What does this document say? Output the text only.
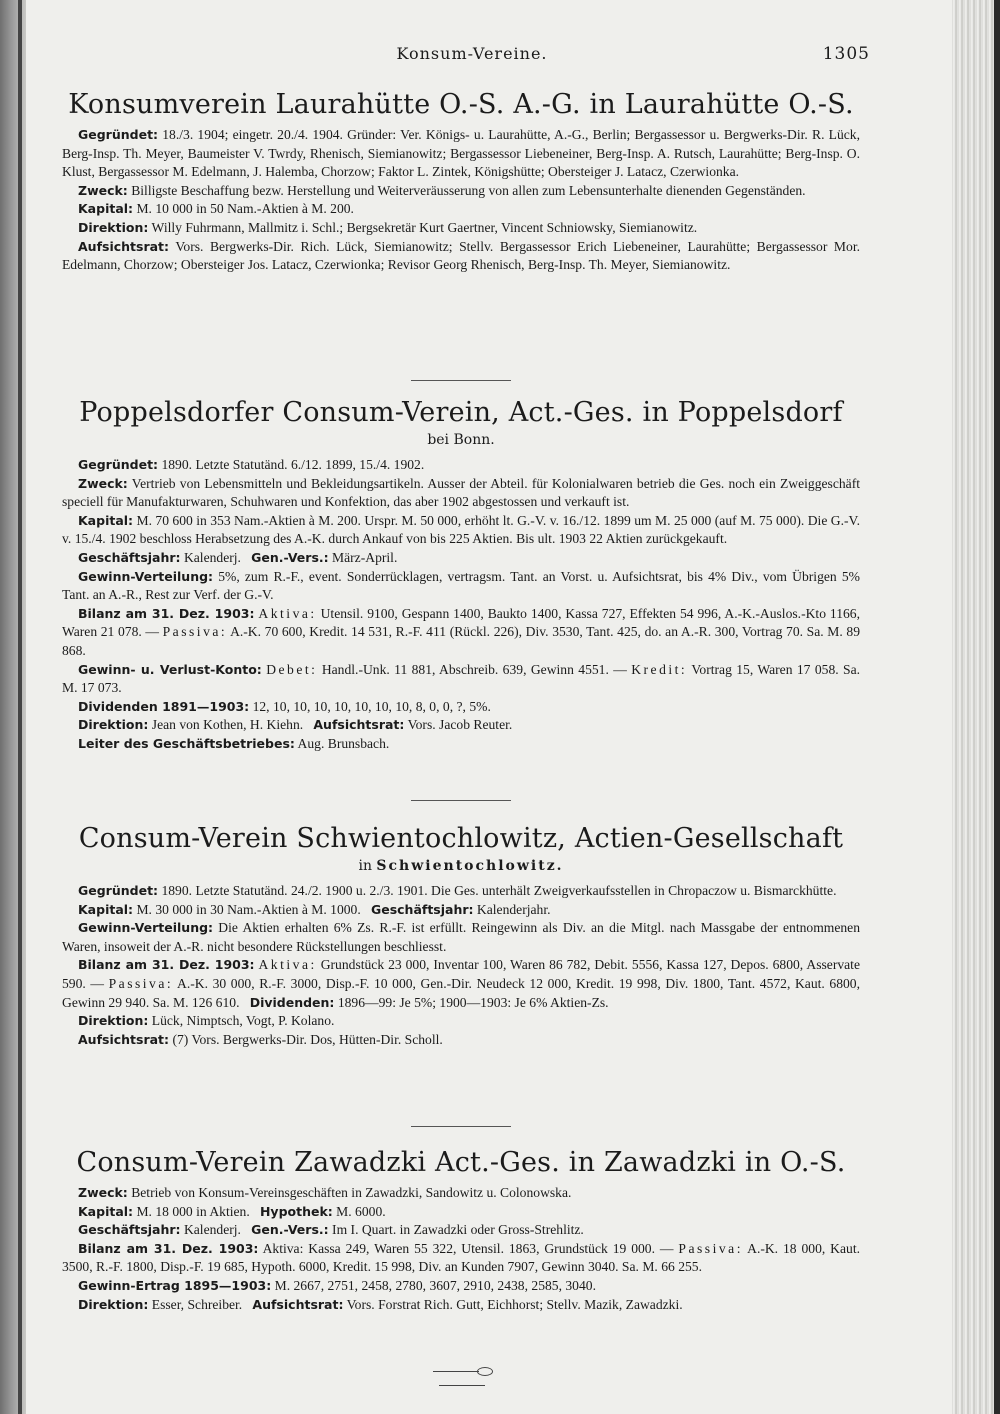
Konsum-Vereine.	1305
Konsumverein Laurahütte O.-S. A.-G. in Laurahütte O.-S.

Gegründet: 18./3. 1904; eingetr. 20./4. 1904. Gründer: Ver. Königs- u. Laurahütte, A.-G., Berlin; Bergassessor u. Bergwerks-Dir. R. Lück, Berg-Insp. Th. Meyer, Baumeister V. Twrdy, Rhenisch, Siemianowitz; Bergassessor Liebeneiner, Berg-Insp. A. Rutsch, Laurahütte; Berg-Insp. O. Klust, Bergassessor M. Edelmann, J. Halemba, Chorzow; Faktor L. Zintek, Königshütte; Obersteiger J. Latacz, Czerwionka.

Zweck: Billigste Beschaffung bezw. Herstellung und Weiterveräusserung von allen zum Lebensunterhalte dienenden Gegenständen.

Kapital: M. 10 000 in 50 Nam.-Aktien à M. 200.

Direktion: Willy Fuhrmann, Mallmitz i. Schl.; Bergsekretär Kurt Gaertner, Vincent Schniowsky, Siemianowitz.

Aufsichtsrat: Vors. Bergwerks-Dir. Rich. Lück, Siemianowitz; Stellv. Bergassessor Erich Liebeneiner, Laurahütte; Bergassessor Mor. Edelmann, Chorzow; Obersteiger Jos. Latacz, Czerwionka; Revisor Georg Rhenisch, Berg-Insp. Th. Meyer, Siemianowitz.

Poppelsdorfer Consum-Verein, Act.-Ges. in Poppelsdorf
bei Bonn.

Gegründet: 1890. Letzte Statutänd. 6./12. 1899, 15./4. 1902.

Zweck: Vertrieb von Lebensmitteln und Bekleidungsartikeln. Ausser der Abteil. für Kolonialwaren betrieb die Ges. noch ein Zweiggeschäft speciell für Manufakturwaren, Schuhwaren und Konfektion, das aber 1902 abgestossen und verkauft ist.

Kapital: M. 70 600 in 353 Nam.-Aktien à M. 200. Urspr. M. 50 000, erhöht lt. G.-V. v. 16./12. 1899 um M. 25 000 (auf M. 75 000). Die G.-V. v. 15./4. 1902 beschloss Herabsetzung des A.-K. durch Ankauf von bis 225 Aktien. Bis ult. 1903 22 Aktien zurückgekauft.

Geschäftsjahr: Kalenderj. Gen.-Vers.: März-April.

Gewinn-Verteilung: 5%, zum R.-F., event. Sonderrücklagen, vertragsm. Tant. an Vorst. u. Aufsichtsrat, bis 4% Div., vom Übrigen 5% Tant. an A.-R., Rest zur Verf. der G.-V.

Bilanz am 31. Dez. 1903: Aktiva: Utensil. 9100, Gespann 1400, Baukto 1400, Kassa 727, Effekten 54 996, A.-K.-Auslos.-Kto 1166, Waren 21 078. — Passiva: A.-K. 70 600, Kredit. 14 531, R.-F. 411 (Rückl. 226), Div. 3530, Tant. 425, do. an A.-R. 300, Vortrag 70. Sa. M. 89 868.

Gewinn- u. Verlust-Konto: Debet: Handl.-Unk. 11 881, Abschreib. 639, Gewinn 4551. — Kredit: Vortrag 15, Waren 17 058. Sa. M. 17 073.

Dividenden 1891—1903: 12, 10, 10, 10, 10, 10, 10, 10, 8, 0, 0, ?, 5%.

Direktion: Jean von Kothen, H. Kiehn. Aufsichtsrat: Vors. Jacob Reuter.

Leiter des Geschäftsbetriebes: Aug. Brunsbach.

Consum-Verein Schwientochlowitz, Actien-Gesellschaft
in Schwientochlowitz.

Gegründet: 1890. Letzte Statutänd. 24./2. 1900 u. 2./3. 1901. Die Ges. unterhält Zweigverkaufsstellen in Chropaczow u. Bismarckhütte.

Kapital: M. 30 000 in 30 Nam.-Aktien à M. 1000. Geschäftsjahr: Kalenderjahr.

Gewinn-Verteilung: Die Aktien erhalten 6% Zs. R.-F. ist erfüllt. Reingewinn als Div. an die Mitgl. nach Massgabe der entnommenen Waren, insoweit der A.-R. nicht besondere Rückstellungen beschliesst.

Bilanz am 31. Dez. 1903: Aktiva: Grundstück 23 000, Inventar 100, Waren 86 782, Debit. 5556, Kassa 127, Depos. 6800, Asservate 590. — Passiva: A.-K. 30 000, R.-F. 3000, Disp.-F. 10 000, Gen.-Dir. Neudeck 12 000, Kredit. 19 998, Div. 1800, Tant. 4572, Kaut. 6800, Gewinn 29 940. Sa. M. 126 610. Dividenden: 1896—99: Je 5%; 1900—1903: Je 6% Aktien-Zs.

Direktion: Lück, Nimptsch, Vogt, P. Kolano.

Aufsichtsrat: (7) Vors. Bergwerks-Dir. Dos, Hütten-Dir. Scholl.

Consum-Verein Zawadzki Act.-Ges. in Zawadzki in O.-S.

Zweck: Betrieb von Konsum-Vereinsgeschäften in Zawadzki, Sandowitz u. Colonowska.

Kapital: M. 18 000 in Aktien. Hypothek: M. 6000.

Geschäftsjahr: Kalenderj. Gen.-Vers.: Im I. Quart. in Zawadzki oder Gross-Strehlitz.

Bilanz am 31. Dez. 1903: Aktiva: Kassa 249, Waren 55 322, Utensil. 1863, Grundstück 19 000. — Passiva: A.-K. 18 000, Kaut. 3500, R.-F. 1800, Disp.-F. 19 685, Hypoth. 6000, Kredit. 15 998, Div. an Kunden 7907, Gewinn 3040. Sa. M. 66 255.

Gewinn-Ertrag 1895—1903: M. 2667, 2751, 2458, 2780, 3607, 2910, 2438, 2585, 3040.

Direktion: Esser, Schreiber. Aufsichtsrat: Vors. Forstrat Rich. Gutt, Eichhorst; Stellv. Mazik, Zawadzki.
